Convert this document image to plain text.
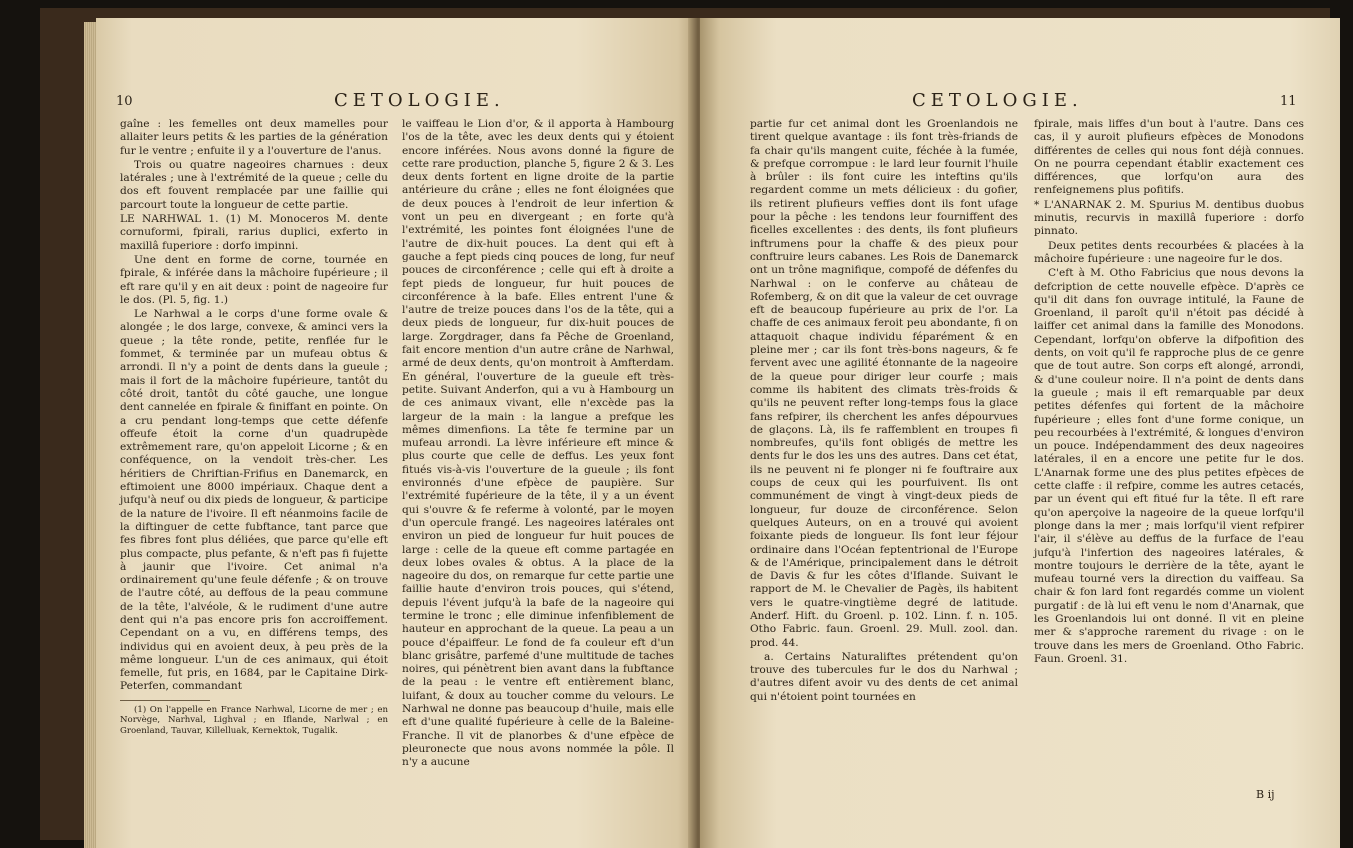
10	CETOLOGIE.

gaîne : les femelles ont deux mamelles pour allaiter leurs petits & les parties de la génération fur le ventre ; enfuite il y a l'ouverture de l'anus.

Trois ou quatre nageoires charnues : deux latérales ; une à l'extrémité de la queue ; celle du dos eft fouvent remplacée par une faillie qui parcourt toute la longueur de cette partie.

LE NARHWAL 1. (1) M. Monoceros M. dente cornuformi, fpirali, rarius duplici, exferto in maxillâ fuperiore : dorfo impinni.

Une dent en forme de corne, tournée en fpirale, & inférée dans la mâchoire fupérieure ; il eft rare qu'il y en ait deux : point de nageoire fur le dos. (Pl. 5, fig. 1.)

Le Narhwal a le corps d'une forme ovale & alongée ; le dos large, convexe, & aminci vers la queue ; la tête ronde, petite, renflée fur le fommet, & terminée par un mufeau obtus & arrondi. Il n'y a point de dents dans la gueule ; mais il fort de la mâchoire fupérieure, tantôt du côté droit, tantôt du côté gauche, une longue dent cannelée en fpirale & finiffant en pointe. On a cru pendant long-temps que cette défenfe offeufe étoit la corne d'un quadrupède extrêmement rare, qu'on appeloit Licorne ; & en conféquence, on la vendoit très-cher. Les héritiers de Chriftian-Frifius en Danemarck, en eftimoient une 8000 impériaux. Chaque dent a jufqu'à neuf ou dix pieds de longueur, & participe de la nature de l'ivoire. Il eft néanmoins facile de la diftinguer de cette fubftance, tant parce que fes fibres font plus déliées, que parce qu'elle eft plus compacte, plus pefante, & n'eft pas fi fujette à jaunir que l'ivoire. Cet animal n'a ordinairement qu'une feule défenfe ; & on trouve de l'autre côté, au deffous de la peau commune de la tête, l'alvéole, & le rudiment d'une autre dent qui n'a pas encore pris fon accroiffement. Cependant on a vu, en différens temps, des individus qui en avoient deux, à peu près de la même longueur. L'un de ces animaux, qui étoit femelle, fut pris, en 1684, par le Capitaine Dirk-Peterfen, commandant

(1) On l'appelle en France Narhwal, Licorne de mer ; en Norvège, Narhval, Lighval ; en Iflande, Narlwal ; en Groenland, Tauvar, Killelluak, Kernektok, Tugalik.

le vaiffeau le Lion d'or, & il apporta à Hambourg l'os de la tête, avec les deux dents qui y étoient encore inférées. Nous avons donné la figure de cette rare production, planche 5, figure 2 & 3. Les deux dents fortent en ligne droite de la partie antérieure du crâne ; elles ne font éloignées que de deux pouces à l'endroit de leur infertion & vont un peu en divergeant ; en forte qu'à l'extrémité, les pointes font éloignées l'une de l'autre de dix-huit pouces. La dent qui eft à gauche a fept pieds cinq pouces de long, fur neuf pouces de circonférence ; celle qui eft à droite a fept pieds de longueur, fur huit pouces de circonférence à la bafe. Elles entrent l'une & l'autre de treize pouces dans l'os de la tête, qui a deux pieds de longueur, fur dix-huit pouces de large. Zorgdrager, dans fa Pêche de Groenland, fait encore mention d'un autre crâne de Narhwal, armé de deux dents, qu'on montroit à Amfterdam. En général, l'ouverture de la gueule eft très-petite. Suivant Anderfon, qui a vu à Hambourg un de ces animaux vivant, elle n'excède pas la largeur de la main : la langue a prefque les mêmes dimenfions. La tête fe termine par un mufeau arrondi. La lèvre inférieure eft mince & plus courte que celle de deffus. Les yeux font fitués vis-à-vis l'ouverture de la gueule ; ils font environnés d'une efpèce de paupière. Sur l'extrémité fupérieure de la tête, il y a un évent qui s'ouvre & fe referme à volonté, par le moyen d'un opercule frangé. Les nageoires latérales ont environ un pied de longueur fur huit pouces de large : celle de la queue eft comme partagée en deux lobes ovales & obtus. A la place de la nageoire du dos, on remarque fur cette partie une faillie haute d'environ trois pouces, qui s'étend, depuis l'évent jufqu'à la bafe de la nageoire qui termine le tronc ; elle diminue infenfiblement de hauteur en approchant de la queue. La peau a un pouce d'épaiffeur. Le fond de fa couleur eft d'un blanc grisâtre, parfemé d'une multitude de taches noires, qui pénètrent bien avant dans la fubftance de la peau : le ventre eft entièrement blanc, luifant, & doux au toucher comme du velours. Le Narhwal ne donne pas beaucoup d'huile, mais elle eft d'une qualité fupérieure à celle de la Baleine-Franche. Il vit de planorbes & d'une efpèce de pleuronecte que nous avons nommée la pôle. Il n'y a aucune

CETOLOGIE.	11

partie fur cet animal dont les Groenlandois ne tirent quelque avantage : ils font très-friands de fa chair qu'ils mangent cuite, féchée à la fumée, & prefque corrompue : le lard leur fournit l'huile à brûler : ils font cuire les inteftins qu'ils regardent comme un mets délicieux : du gofier, ils retirent plufieurs veffies dont ils font ufage pour la pêche : les tendons leur fourniffent des ficelles excellentes : des dents, ils font plufieurs inftrumens pour la chaffe & des pieux pour conftruire leurs cabanes. Les Rois de Danemarck ont un trône magnifique, compofé de défenfes du Narhwal : on le conferve au château de Rofemberg, & on dit que la valeur de cet ouvrage eft de beaucoup fupérieure au prix de l'or. La chaffe de ces animaux feroit peu abondante, fi on attaquoit chaque individu féparément & en pleine mer ; car ils font très-bons nageurs, & fe fervent avec une agilité étonnante de la nageoire de la queue pour diriger leur courfe ; mais comme ils habitent des climats très-froids & qu'ils ne peuvent refter long-temps fous la glace fans refpirer, ils cherchent les anfes dépourvues de glaçons. Là, ils fe raffemblent en troupes fi nombreufes, qu'ils font obligés de mettre les dents fur le dos les uns des autres. Dans cet état, ils ne peuvent ni fe plonger ni fe fouftraire aux coups de ceux qui les pourfuivent. Ils ont communément de vingt à vingt-deux pieds de longueur, fur douze de circonférence. Selon quelques Auteurs, on en a trouvé qui avoient foixante pieds de longueur. Ils font leur féjour ordinaire dans l'Océan feptentrional de l'Europe & de l'Amérique, principalement dans le détroit de Davis & fur les côtes d'Iflande. Suivant le rapport de M. le Chevalier de Pagès, ils habitent vers le quatre-vingtième degré de latitude. Anderf. Hift. du Groenl. p. 102. Linn. f. n. 105. Otho Fabric. faun. Groenl. 29. Mull. zool. dan. prod. 44.

a. Certains Naturaliftes prétendent qu'on trouve des tubercules fur le dos du Narhwal ; d'autres difent avoir vu des dents de cet animal qui n'étoient point tournées en

fpirale, mais liffes d'un bout à l'autre. Dans ces cas, il y auroit plufieurs efpèces de Monodons différentes de celles qui nous font déjà connues. On ne pourra cependant établir exactement ces différences, que lorfqu'on aura des renfeignemens plus pofitifs.

* L'ANARNAK 2. M. Spurius M. dentibus duobus minutis, recurvis in maxillâ fuperiore : dorfo pinnato.

Deux petites dents recourbées & placées à la mâchoire fupérieure : une nageoire fur le dos.

C'eft à M. Otho Fabricius que nous devons la defcription de cette nouvelle efpèce. D'après ce qu'il dit dans fon ouvrage intitulé, la Faune de Groenland, il paroît qu'il n'étoit pas décidé à laiffer cet animal dans la famille des Monodons. Cependant, lorfqu'on obferve la difpofition des dents, on voit qu'il fe rapproche plus de ce genre que de tout autre. Son corps eft alongé, arrondi, & d'une couleur noire. Il n'a point de dents dans la gueule ; mais il eft remarquable par deux petites défenfes qui fortent de la mâchoire fupérieure ; elles font d'une forme conique, un peu recourbées à l'extrémité, & longues d'environ un pouce. Indépendamment des deux nageoires latérales, il en a encore une petite fur le dos. L'Anarnak forme une des plus petites efpèces de cette claffe : il refpire, comme les autres cetacés, par un évent qui eft fitué fur la tête. Il eft rare qu'on aperçoive la nageoire de la queue lorfqu'il plonge dans la mer ; mais lorfqu'il vient refpirer l'air, il s'élève au deffus de la furface de l'eau jufqu'à l'infertion des nageoires latérales, & montre toujours le derrière de la tête, ayant le mufeau tourné vers la direction du vaiffeau. Sa chair & fon lard font regardés comme un violent purgatif : de là lui eft venu le nom d'Anarnak, que les Groenlandois lui ont donné. Il vit en pleine mer & s'approche rarement du rivage : on le trouve dans les mers de Groenland. Otho Fabric. Faun. Groenl. 31.

B ij
